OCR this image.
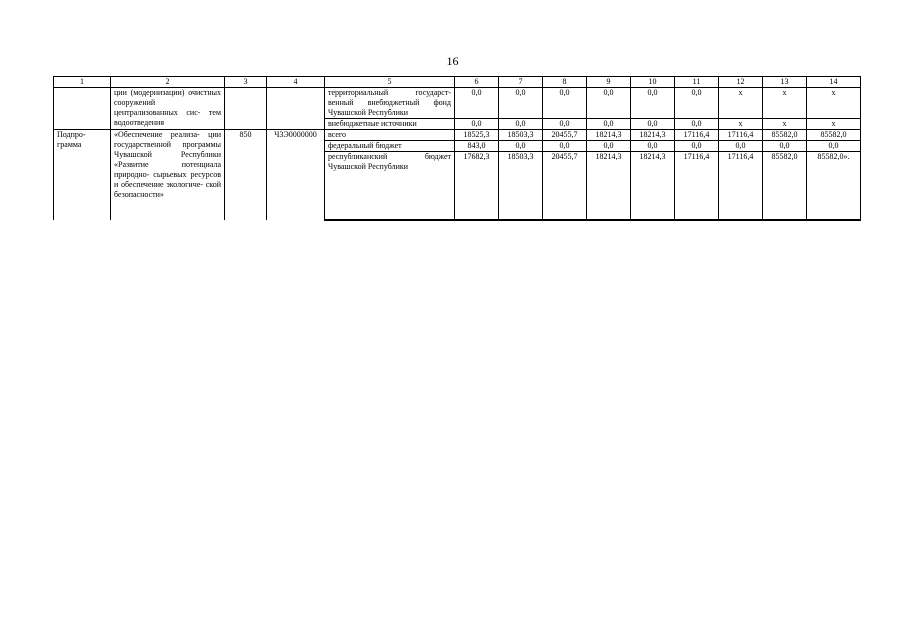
16
1	2	3	4	5	6	7	8	9	10	11	12	13	14
	ции (модернизации) очистных сооружений централизованных сис- тем водоотведения			территориальный государст- венный внебюджетный фонд Чувашской Республики	0,0	0,0	0,0	0,0	0,0	0,0	x	x	x
				внебюджетные источники	0,0	0,0	0,0	0,0	0,0	0,0	x	x	x
Подпро- грамма	«Обеспечение реализа- ции государственной программы Чувашской Республики «Развитие потенциала природно- сырьевых ресурсов и обеспечение экологиче- ской безопасности»	850	Ч3Э0000000	всего	18525,3	18503,3	20455,7	18214,3	18214,3	17116,4	17116,4	85582,0	85582,0
				федеральный бюджет	843,0	0,0	0,0	0,0	0,0	0,0	0,0	0,0	0,0
				республиканский бюджет Чувашской Республики	17682,3	18503,3	20455,7	18214,3	18214,3	17116,4	17116,4	85582,0	85582,0».
